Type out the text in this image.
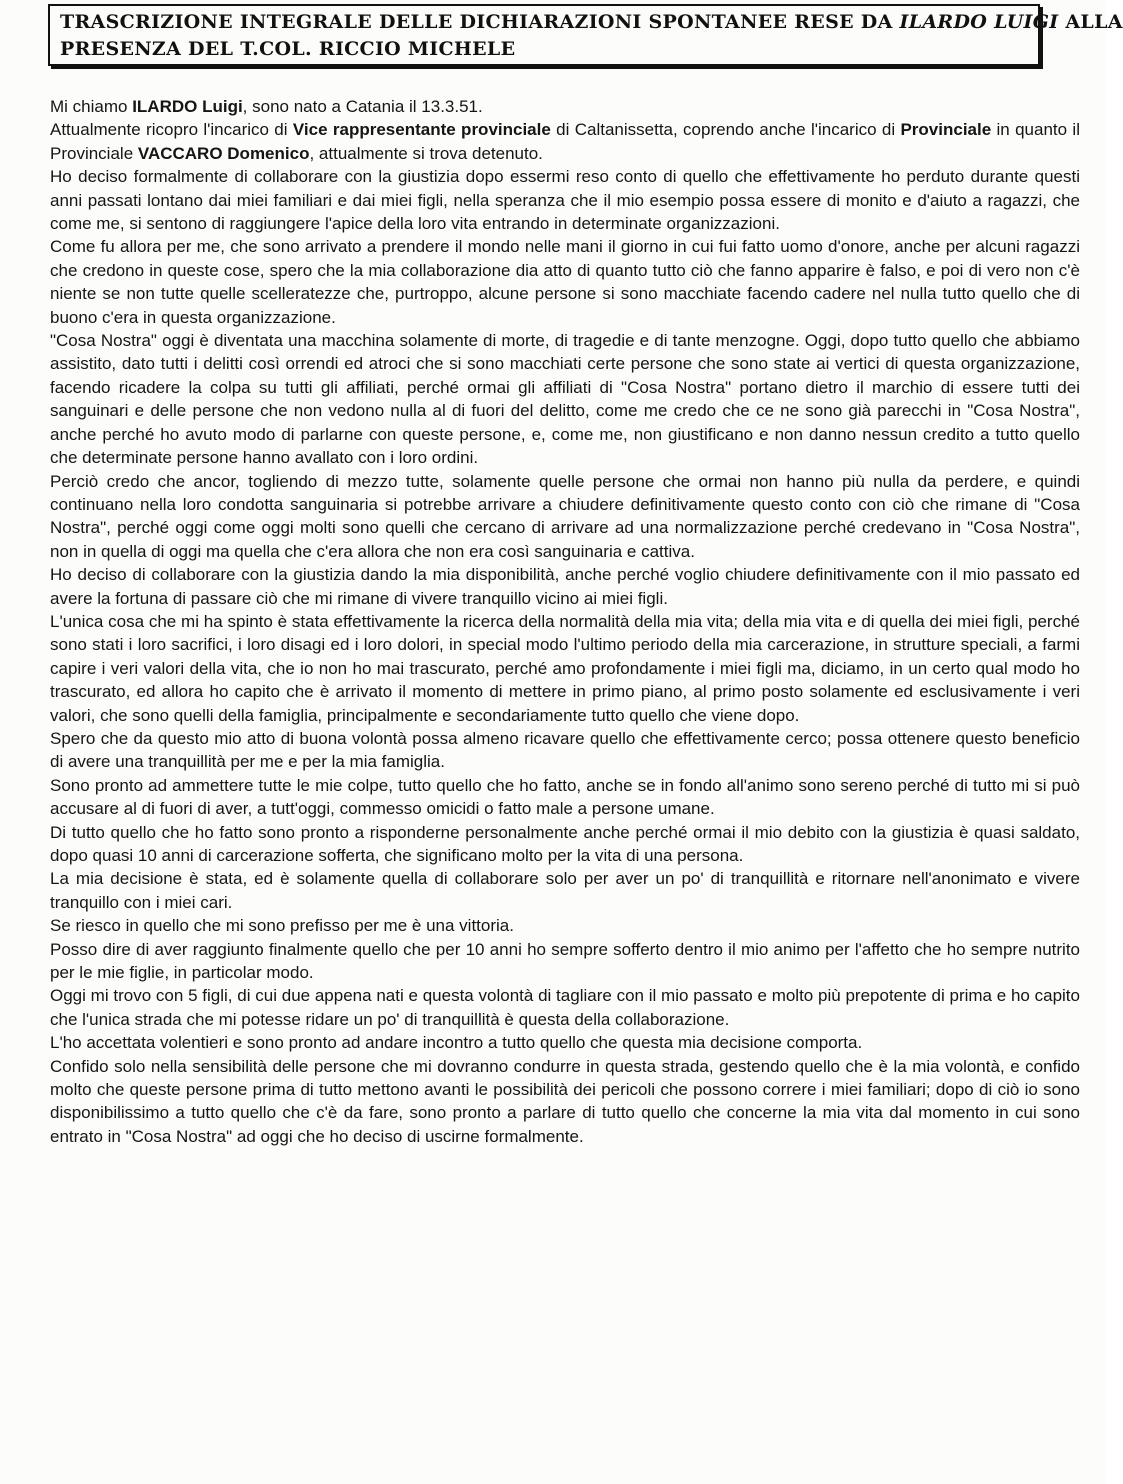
TRASCRIZIONE INTEGRALE DELLE DICHIARAZIONI SPONTANEE RESE DA ILARDO LUIGI ALLA
PRESENZA DEL T.COL. RICCIO MICHELE

Mi chiamo ILARDO Luigi, sono nato a Catania il 13.3.51.

Attualmente ricopro l'incarico di Vice rappresentante provinciale di Caltanissetta, coprendo anche l'incarico di Provinciale in quanto il Provinciale VACCARO Domenico, attualmente si trova detenuto.

Ho deciso formalmente di collaborare con la giustizia dopo essermi reso conto di quello che effettivamente ho perduto durante questi anni passati lontano dai miei familiari e dai miei figli, nella speranza che il mio esempio possa essere di monito e d'aiuto a ragazzi, che come me, si sentono di raggiungere l'apice della loro vita entrando in determinate organizzazioni.

Come fu allora per me, che sono arrivato a prendere il mondo nelle mani il giorno in cui fui fatto uomo d'onore, anche per alcuni ragazzi che credono in queste cose, spero che la mia collaborazione dia atto di quanto tutto ciò che fanno apparire è falso, e poi di vero non c'è niente se non tutte quelle scelleratezze che, purtroppo, alcune persone si sono macchiate facendo cadere nel nulla tutto quello che di buono c'era in questa organizzazione.

"Cosa Nostra" oggi è diventata una macchina solamente di morte, di tragedie e di tante menzogne. Oggi, dopo tutto quello che abbiamo assistito, dato tutti i delitti così orrendi ed atroci che si sono macchiati certe persone che sono state ai vertici di questa organizzazione, facendo ricadere la colpa su tutti gli affiliati, perché ormai gli affiliati di "Cosa Nostra" portano dietro il marchio di essere tutti dei sanguinari e delle persone che non vedono nulla al di fuori del delitto, come me credo che ce ne sono già parecchi in "Cosa Nostra", anche perché ho avuto modo di parlarne con queste persone, e, come me, non giustificano e non danno nessun credito a tutto quello che determinate persone hanno avallato con i loro ordini.

Perciò credo che ancor, togliendo di mezzo tutte, solamente quelle persone che ormai non hanno più nulla da perdere, e quindi continuano nella loro condotta sanguinaria si potrebbe arrivare a chiudere definitivamente questo conto con ciò che rimane di "Cosa Nostra", perché oggi come oggi molti sono quelli che cercano di arrivare ad una normalizzazione perché credevano in "Cosa Nostra", non in quella di oggi ma quella che c'era allora che non era così sanguinaria e cattiva.

Ho deciso di collaborare con la giustizia dando la mia disponibilità, anche perché voglio chiudere definitivamente con il mio passato ed avere la fortuna di passare ciò che mi rimane di vivere tranquillo vicino ai miei figli.

L'unica cosa che mi ha spinto è stata effettivamente la ricerca della normalità della mia vita; della mia vita e di quella dei miei figli, perché sono stati i loro sacrifici, i loro disagi ed i loro dolori, in special modo l'ultimo periodo della mia carcerazione, in strutture speciali, a farmi capire i veri valori della vita, che io non ho mai trascurato, perché amo profondamente i miei figli ma, diciamo, in un certo qual modo ho trascurato, ed allora ho capito che è arrivato il momento di mettere in primo piano, al primo posto solamente ed esclusivamente i veri valori, che sono quelli della famiglia, principalmente e secondariamente tutto quello che viene dopo.

Spero che da questo mio atto di buona volontà possa almeno ricavare quello che effettivamente cerco; possa ottenere questo beneficio di avere una tranquillità per me e per la mia famiglia.

Sono pronto ad ammettere tutte le mie colpe, tutto quello che ho fatto, anche se in fondo all'animo sono sereno perché di tutto mi si può accusare al di fuori di aver, a tutt'oggi, commesso omicidi o fatto male a persone umane.

Di tutto quello che ho fatto sono pronto a risponderne personalmente anche perché ormai il mio debito con la giustizia è quasi saldato, dopo quasi 10 anni di carcerazione sofferta, che significano molto per la vita di una persona.

La mia decisione è stata, ed è solamente quella di collaborare solo per aver un po' di tranquillità e ritornare nell'anonimato e vivere tranquillo con i miei cari.

Se riesco in quello che mi sono prefisso per me è una vittoria.

Posso dire di aver raggiunto finalmente quello che per 10 anni ho sempre sofferto dentro il mio animo per l'affetto che ho sempre nutrito per le mie figlie, in particolar modo.

Oggi mi trovo con 5 figli, di cui due appena nati e questa volontà di tagliare con il mio passato e molto più prepotente di prima e ho capito che l'unica strada che mi potesse ridare un po' di tranquillità è questa della collaborazione.

L'ho accettata volentieri e sono pronto ad andare incontro a tutto quello che questa mia decisione comporta.

Confido solo nella sensibilità delle persone che mi dovranno condurre in questa strada, gestendo quello che è la mia volontà, e confido molto che queste persone prima di tutto mettono avanti le possibilità dei pericoli che possono correre i miei familiari; dopo di ciò io sono disponibilissimo a tutto quello che c'è da fare, sono pronto a parlare di tutto quello che concerne la mia vita dal momento in cui sono entrato in "Cosa Nostra" ad oggi che ho deciso di uscirne formalmente.
